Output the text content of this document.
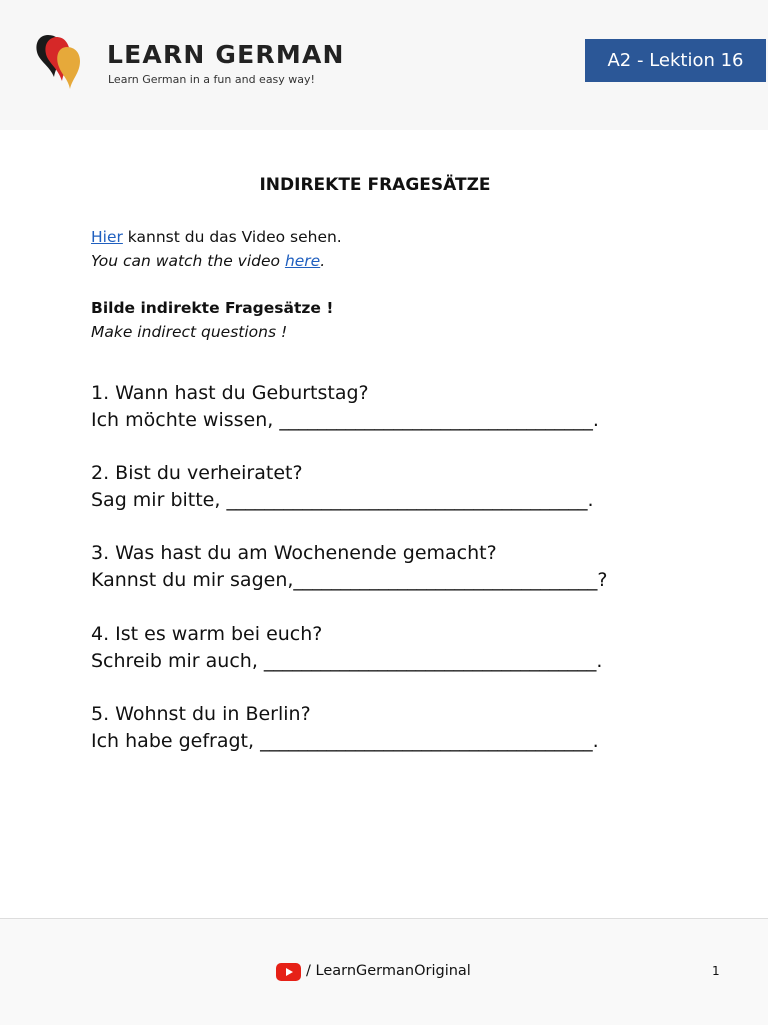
LEARN GERMAN
Learn German in a fun and easy way!
A2 - Lektion 16
INDIREKTE FRAGESÄTZE
Hier kannst du das Video sehen.
You can watch the video here.
Bilde indirekte Fragesätze !
Make indirect questions !
1. Wann hast du Geburtstag?
Ich möchte wissen, _________________________________.
2. Bist du verheiratet?
Sag mir bitte, ______________________________________.
3. Was hast du am Wochenende gemacht?
Kannst du mir sagen,________________________________?
4. Ist es warm bei euch?
Schreib mir auch, ___________________________________.
5. Wohnst du in Berlin?
Ich habe gefragt, ___________________________________.
/ LearnGermanOriginal	1
